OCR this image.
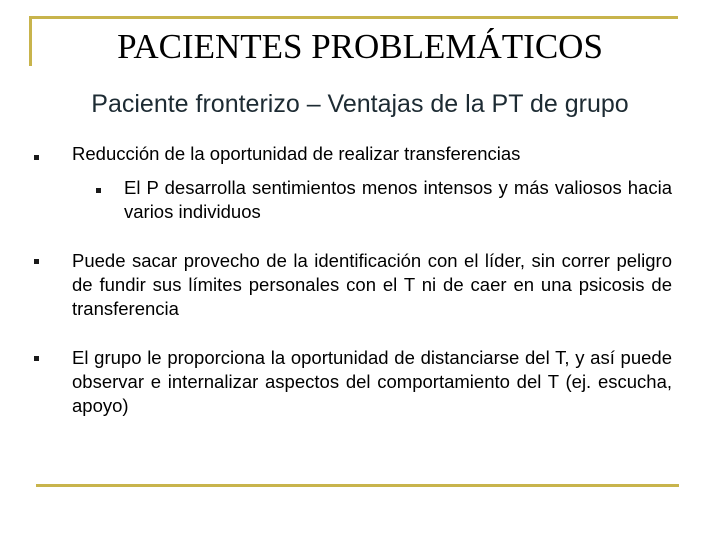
PACIENTES PROBLEMÁTICOS
Paciente fronterizo – Ventajas de la PT de grupo
Reducción de la oportunidad de realizar transferencias
El P desarrolla sentimientos menos intensos y más valiosos hacia varios individuos
Puede sacar provecho de la identificación con el líder, sin correr peligro de fundir sus límites personales con el T ni de caer en una psicosis de transferencia
El grupo le proporciona la oportunidad de distanciarse del T, y así puede observar e internalizar aspectos del comportamiento del T (ej. escucha, apoyo)
